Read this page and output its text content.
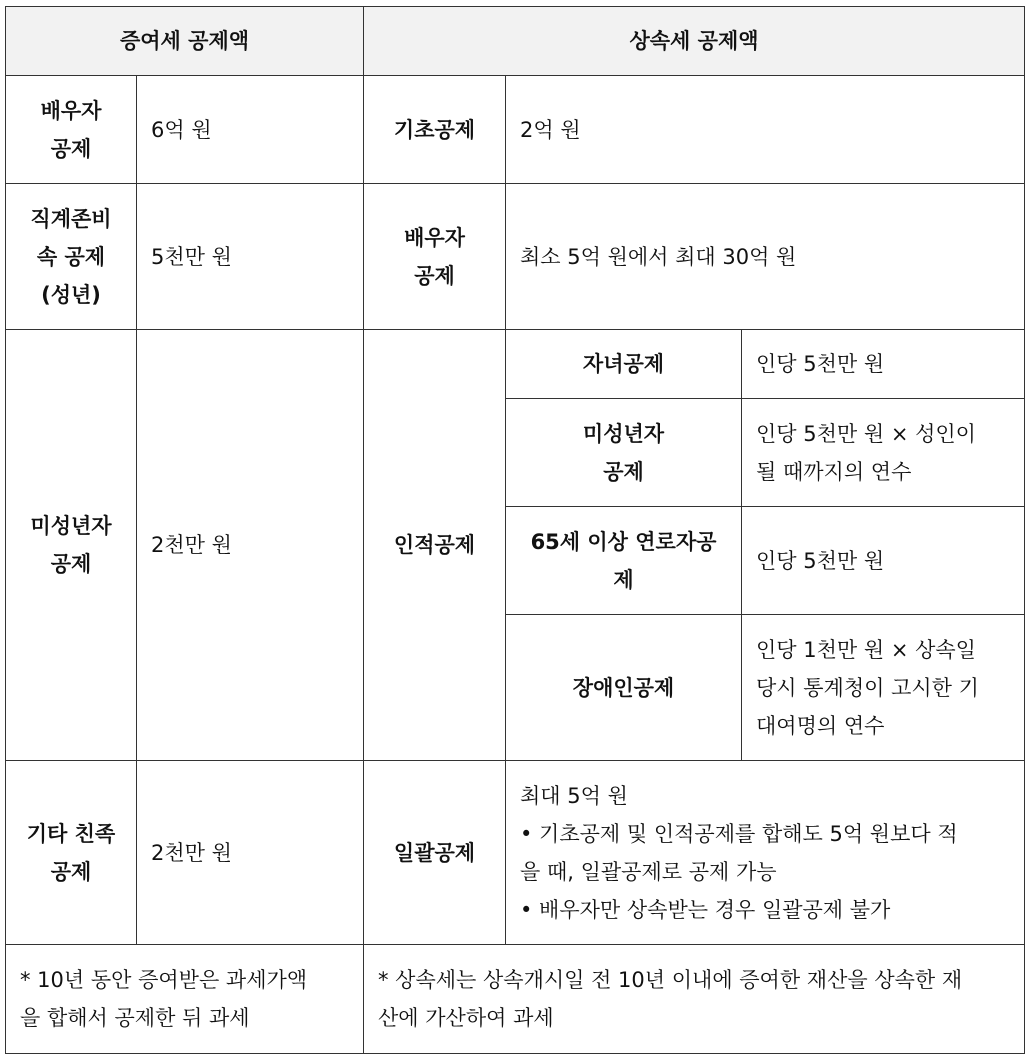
증여세 공제액		상속세 공제액		

배우자
공제	6억 원	기초공제	2억 원	

직계존비
속 공제
(성년)	5천만 원	배우자
공제	최소 5억 원에서 최대 30억 원	

미성년자
공제	2천만 원	인적공제	자녀공제	인당 5천만 원

			미성년자
공제	인당 5천만 원 × 성인이
될 때까지의 연수

			65세 이상 연로자공
제	인당 5천만 원
			장애인공제	인당 1천만 원 × 상속일
당시 통계청이 고시한 기
대여명의 연수

기타 친족
공제	2천만 원	일괄공제	최대 5억 원
• 기초공제 및 인적공제를 합해도 5억 원보다 적
을 때, 일괄공제로 공제 가능
• 배우자만 상속받는 경우 일괄공제 불가	

* 10년 동안 증여받은 과세가액
을 합해서 공제한 뒤 과세		* 상속세는 상속개시일 전 10년 이내에 증여한 재산을 상속한 재
산에 가산하여 과세		
